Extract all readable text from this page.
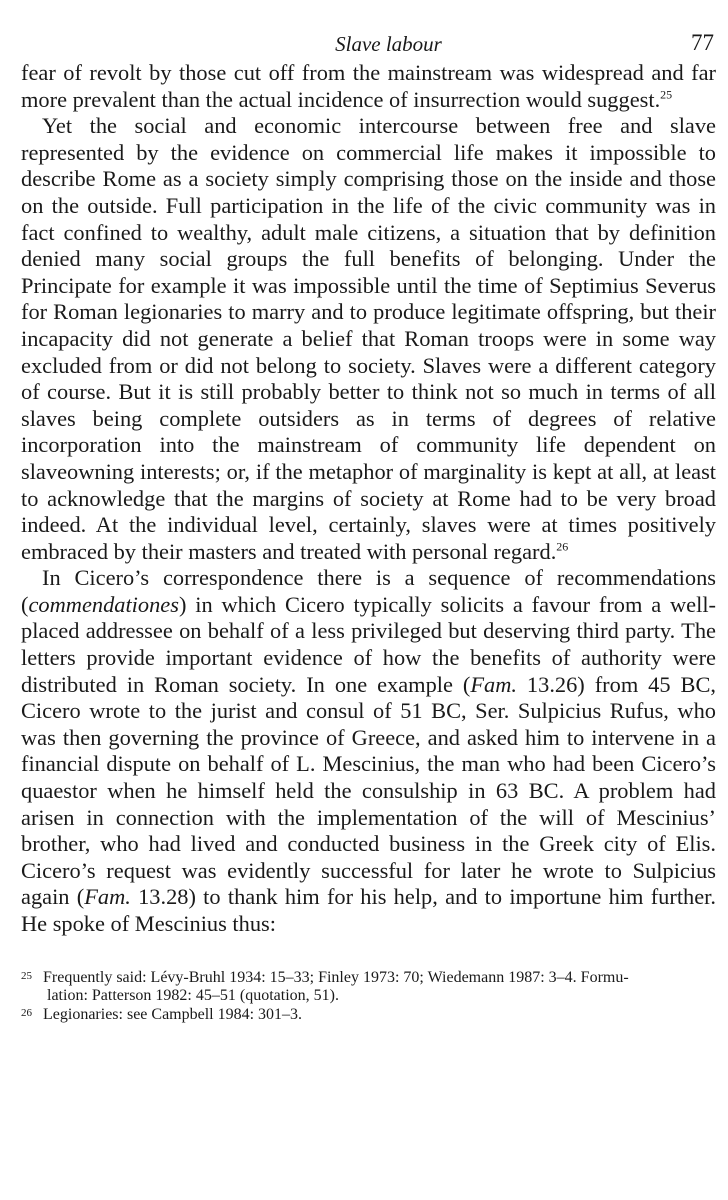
Slave labour	77

fear of revolt by those cut off from the mainstream was widespread and far more prevalent than the actual incidence of insurrection would suggest.$^{25}$

Yet the social and economic intercourse between free and slave represented by the evidence on commercial life makes it impossible to describe Rome as a society simply comprising those on the inside and those on the outside. Full participation in the life of the civic community was in fact confined to wealthy, adult male citizens, a situation that by definition denied many social groups the full benefits of belonging. Under the Principate for example it was impossible until the time of Septimius Severus for Roman legionaries to marry and to produce legitimate offspring, but their incapacity did not generate a belief that Roman troops were in some way excluded from or did not belong to society. Slaves were a different category of course. But it is still probably better to think not so much in terms of all slaves being complete outsiders as in terms of degrees of relative incorporation into the mainstream of community life dependent on slaveowning interests; or, if the metaphor of marginality is kept at all, at least to acknowledge that the margins of society at Rome had to be very broad indeed. At the individual level, certainly, slaves were at times positively embraced by their masters and treated with personal regard.$^{26}$

In Cicero’s correspondence there is a sequence of recommendations (commendationes) in which Cicero typically solicits a favour from a well-placed addressee on behalf of a less privileged but deserving third party. The letters provide important evidence of how the benefits of authority were distributed in Roman society. In one example (Fam. 13.26) from 45 BC, Cicero wrote to the jurist and consul of 51 BC, Ser. Sulpicius Rufus, who was then governing the province of Greece, and asked him to intervene in a financial dispute on behalf of L. Mescinius, the man who had been Cicero’s quaestor when he himself held the consulship in 63 BC. A problem had arisen in connection with the implementation of the will of Mescinius’ brother, who had lived and conducted business in the Greek city of Elis. Cicero’s request was evidently successful for later he wrote to Sulpicius again (Fam. 13.28) to thank him for his help, and to importune him further. He spoke of Mescinius thus:

25 Frequently said: Lévy-Bruhl 1934: 15–33; Finley 1973: 70; Wiedemann 1987: 3–4. Formu-
lation: Patterson 1982: 45–51 (quotation, 51).
26 Legionaries: see Campbell 1984: 301–3.
